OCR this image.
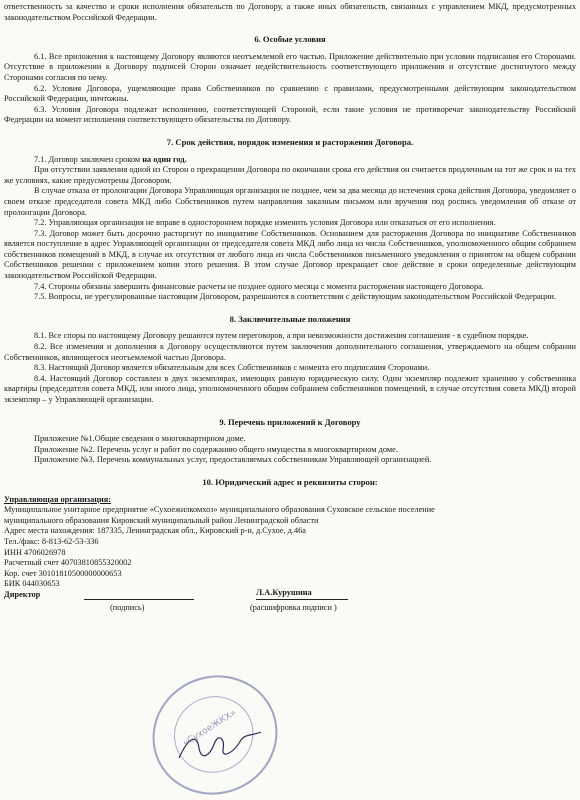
ответственность за качество и сроки исполнения обязательств по Договору, а также иных обязательств, связанных с управлением МКД, предусмотренных законодательством Российской Федерации.

6. Особые условия

6.1. Все приложения к настоящему Договору являются неотъемлемой его частью. Приложение действительно при условии подписания его Сторонами. Отсутствие в приложении к Договору подписей Сторон означает недействительность соответствующего приложения и отсутствие достигнутого между Сторонами согласия по нему.

6.2. Условия Договора, ущемляющие права Собственников по сравнению с правилами, предусмотренными действующим законодательством Российской Федерации, ничтожны.

6.3. Условия Договора подлежат исполнению, соответствующей Стороной, если такие условия не противоречат законодательству Российской Федерации на момент исполнения соответствующего обязательства по Договору.

7. Срок действия, порядок изменения и расторжения Договора.

7.1. Договор заключен сроком на один год.

При отсутствии заявления одной из Сторон о прекращении Договора по окончании срока его действия он считается продленным на тот же срок и на тех же условиях, какие предусмотрены Договором.

В случае отказа от пролонгации Договора Управляющая организация не позднее, чем за два месяца до истечения срока действия Договора, уведомляет о своем отказе председателя совета МКД либо Собственников путем направления заказным письмом или вручения под роспись уведомления об отказе от пролонгации Договора.

7.2. Управляющая организация не вправе в одностороннем порядке изменить условия Договора или отказаться от его исполнения.

7.3. Договор может быть досрочно расторгнут по инициативе Собственников. Основанием для расторжения Договора по инициативе Собственников является поступление в адрес Управляющей организации от председателя совета МКД либо лица из числа Собственников, уполномоченного общим собранием собственников помещений в МКД, в случае их отсутствия от любого лица из числа Собственников письменного уведомления о принятом на общем собрании Собственников решении с приложением копии этого решения. В этом случае Договор прекращает свое действие в сроки определенные действующим законодательством Российской Федерации.

7.4. Стороны обязаны завершить финансовые расчеты не позднее одного месяца с момента расторжения настоящего Договора.

7.5. Вопросы, не урегулированные настоящим Договором, разрешаются в соответствии с действующим законодательством Российской Федерации.

8. Заключительные положения

8.1. Все споры по настоящему Договору решаются путем переговоров, а при невозможности достижения соглашения - в судебном порядке.

8.2. Все изменения и дополнения к Договору осуществляются путем заключения дополнительного соглашения, утверждаемого на общем собрании Собственников, являющегося неотъемлемой частью Договора.

8.3. Настоящий Договор является обязательным для всех Собственников с момента его подписания Сторонами.

8.4. Настоящий Договор составлен в двух экземплярах, имеющих равную юридическую силу. Один экземпляр подлежит хранению у собственника квартиры (председателя совета МКД, или иного лица, уполномоченного общим собранием собственников помещений, в случае отсутствия совета МКД) второй экземпляр – у Управляющей организации.

9. Перечень приложений к Договору

Приложение №1.Общие сведения о многоквартирном доме.

Приложение №2. Перечень услуг и работ по содержанию общего имущества в многоквартирном доме.

Приложение №3. Перечень коммунальных услуг, предоставляемых собственникам Управляющей организацией.

10. Юридический адрес и реквизиты сторон:
Управляющая организация:
Муниципальное унитарное предприятие «Сухоежилкомхоз» муниципального образования Суховское сельское поселение
муниципального образования Кировский муниципальный район Ленинградской области
Адрес места нахождения: 187335, Ленинградская обл., Кировский р-н, д.Сухое, д.46а
Тел./факс: 8-813-62-53-336
ИНН 4706026978
Расчетный счет 40703810855320002
Кор. счет 30101810500000000653
БИК 044030653
Директор	Л.А.Курушина
(подпись)	(расшифровка подписи )
«СухоеЖКХ»
